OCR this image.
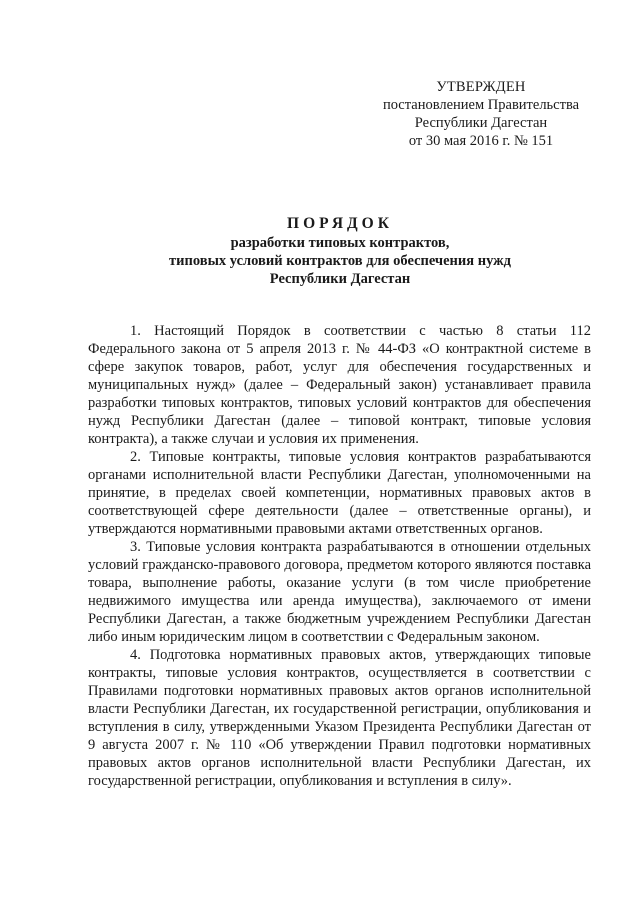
УТВЕРЖДЕН
постановлением Правительства
Республики Дагестан
от 30 мая 2016 г. № 151
ПОРЯДОК
разработки типовых контрактов,
типовых условий контрактов для обеспечения нужд
Республики Дагестан

1. Настоящий Порядок в соответствии с частью 8 статьи 112 Федерального закона от 5 апреля 2013 г. № 44-ФЗ «О контрактной системе в сфере закупок товаров, работ, услуг для обеспечения государственных и муниципальных нужд» (далее – Федеральный закон) устанавливает правила разработки типовых контрактов, типовых условий контрактов для обеспечения нужд Республики Дагестан (далее – типовой контракт, типовые условия контракта), а также случаи и условия их применения.

2. Типовые контракты, типовые условия контрактов разрабатываются органами исполнительной власти Республики Дагестан, уполномоченными на принятие, в пределах своей компетенции, нормативных правовых актов в соответствующей сфере деятельности (далее – ответственные органы), и утверждаются нормативными правовыми актами ответственных органов.

3. Типовые условия контракта разрабатываются в отношении отдельных условий гражданско-правового договора, предметом которого являются поставка товара, выполнение работы, оказание услуги (в том числе приобретение недвижимого имущества или аренда имущества), заключаемого от имени Республики Дагестан, а также бюджетным учреждением Республики Дагестан либо иным юридическим лицом в соответствии с Федеральным законом.

4. Подготовка нормативных правовых актов, утверждающих типовые контракты, типовые условия контрактов, осуществляется в соответствии с Правилами подготовки нормативных правовых актов органов исполнительной власти Республики Дагестан, их государственной регистрации, опубликования и вступления в силу, утвержденными Указом Президента Республики Дагестан от 9 августа 2007 г. № 110 «Об утверждении Правил подготовки нормативных правовых актов органов исполнительной власти Республики Дагестан, их государственной регистрации, опубликования и вступления в силу».
